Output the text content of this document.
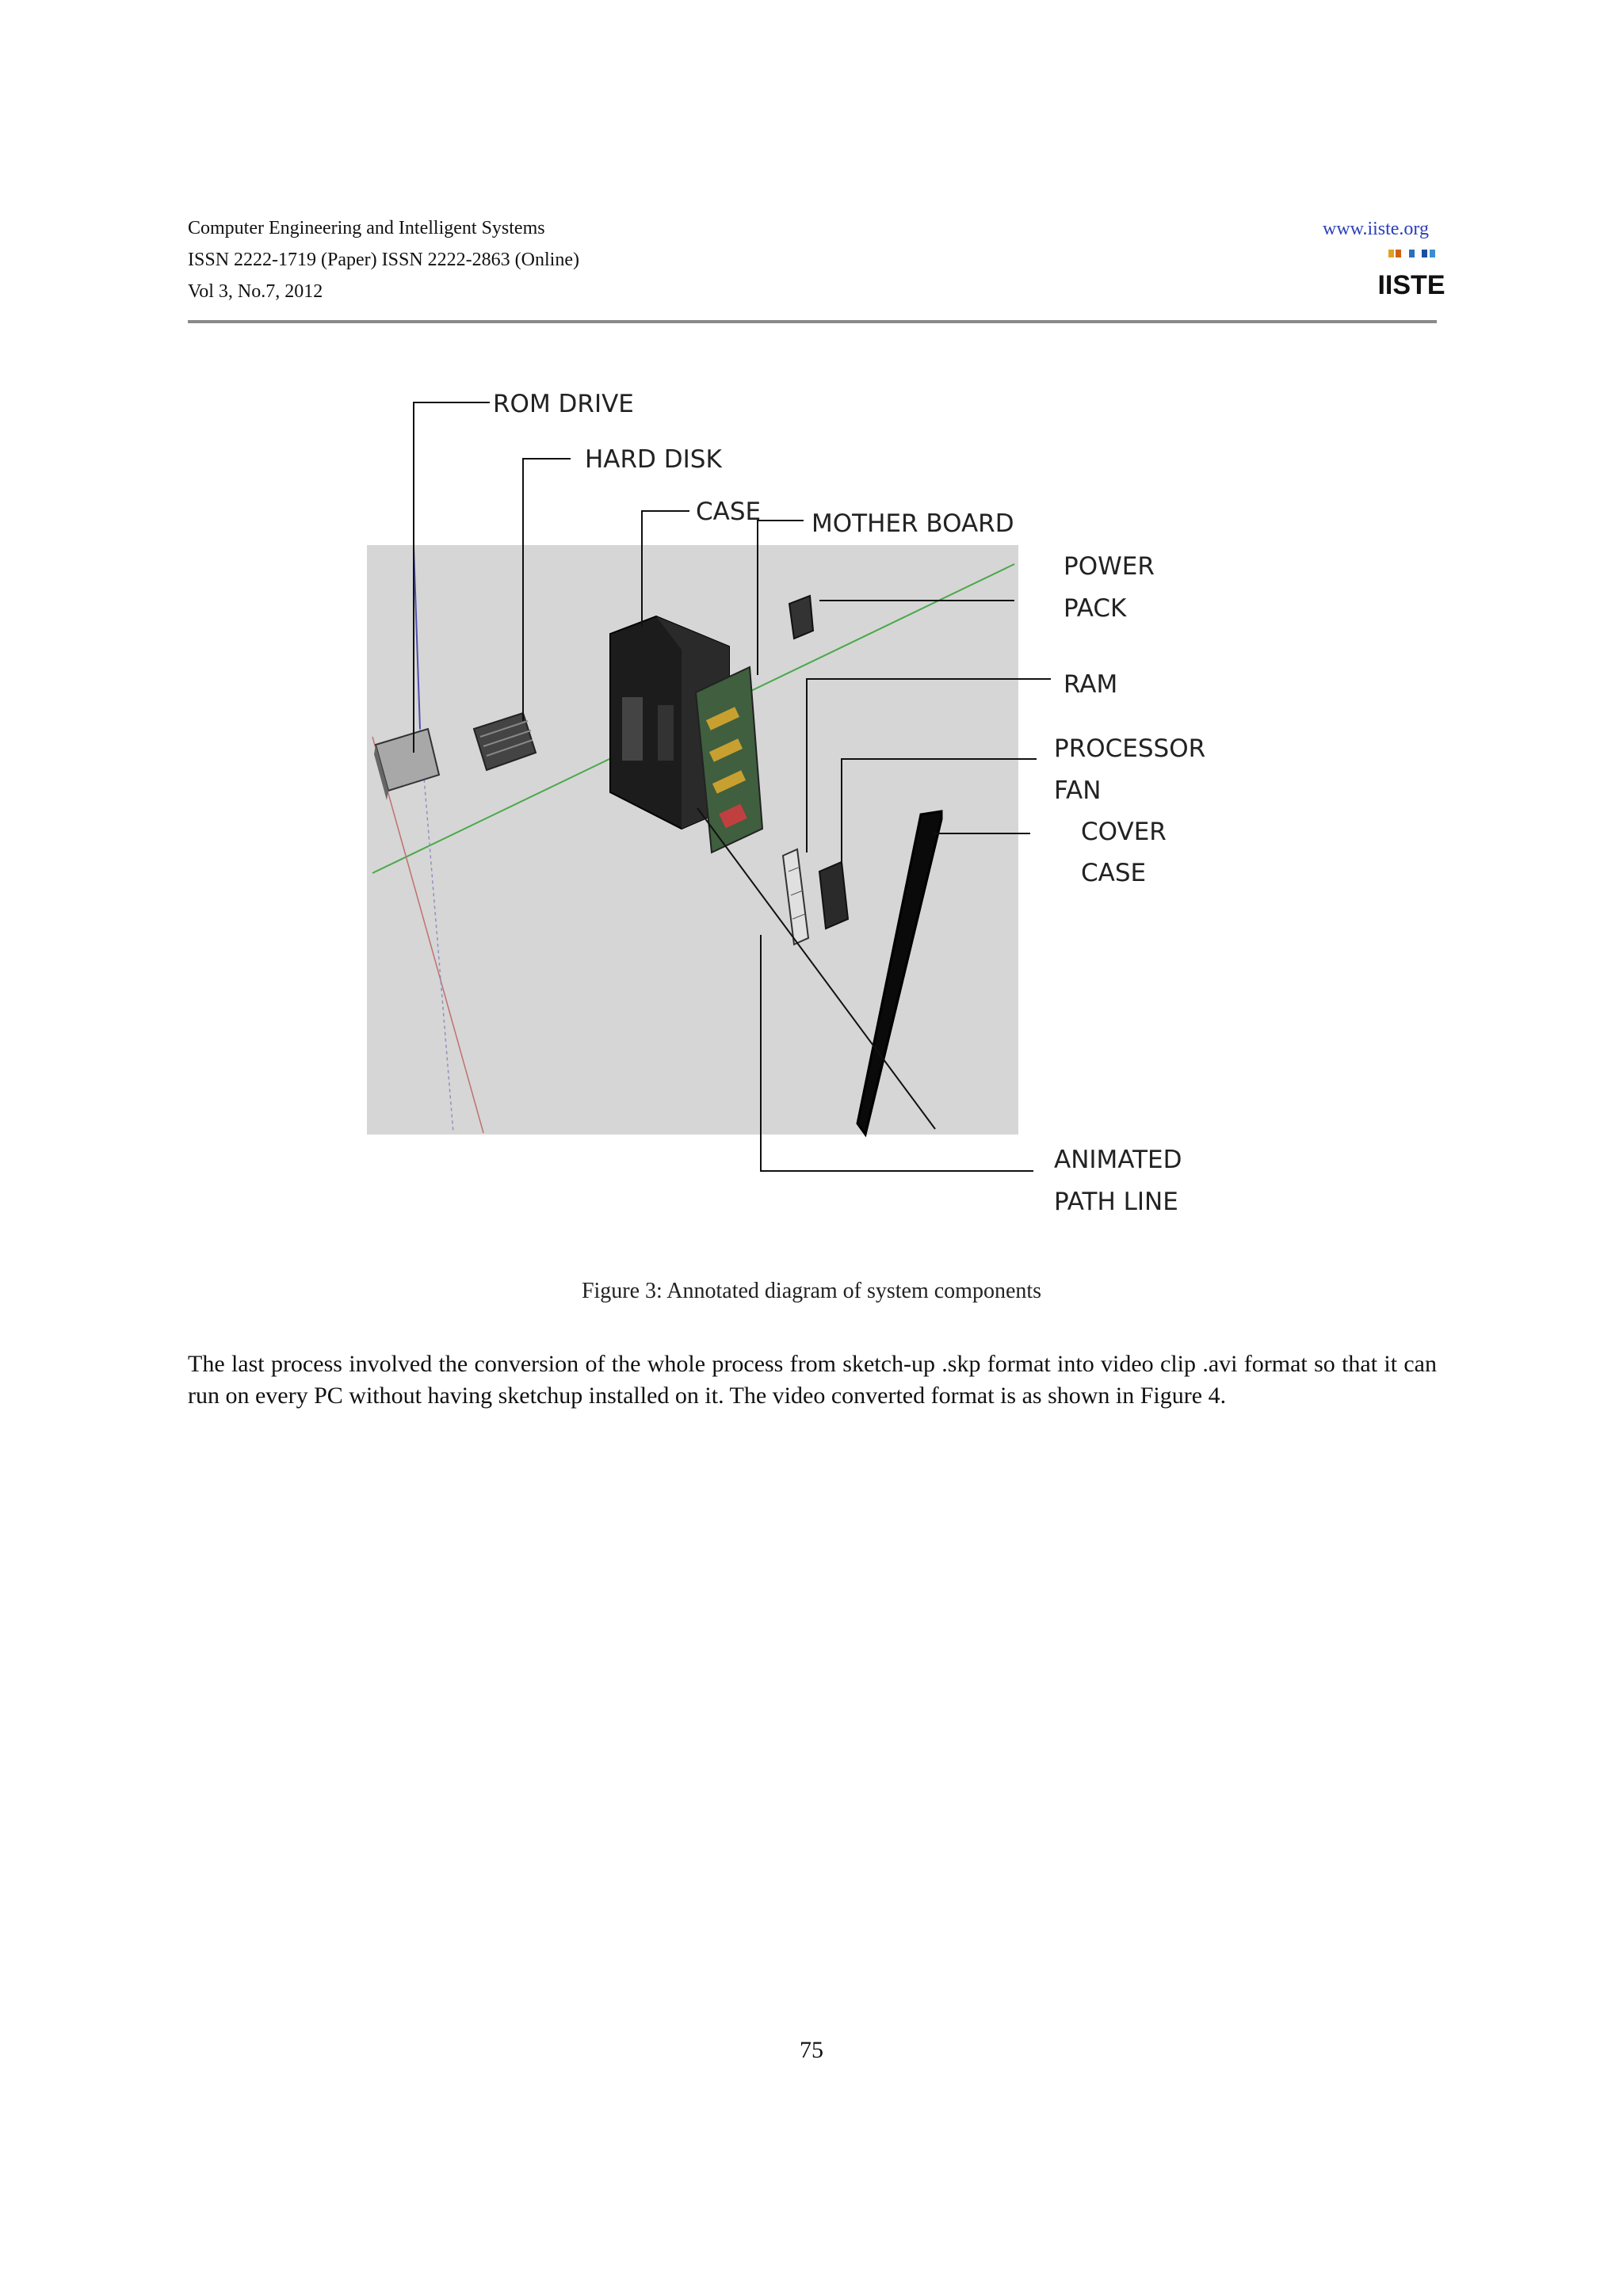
Computer Engineering and Intelligent Systems
ISSN 2222-1719 (Paper) ISSN 2222-2863 (Online)
Vol 3, No.7, 2012
www.iiste.org
IISTE
ROM DRIVE
HARD DISK
CASE MOTHER BOARD
POWER
PACK
RAM
PROCESSOR
FAN
COVER
CASE
ANIMATED
PATH LINE
Figure 3: Annotated diagram of system components
The last process involved the conversion of the whole process from sketch-up .skp format into video clip .avi format so that it can run on every PC without having sketchup installed on it. The video converted format is as shown in Figure 4.
75
